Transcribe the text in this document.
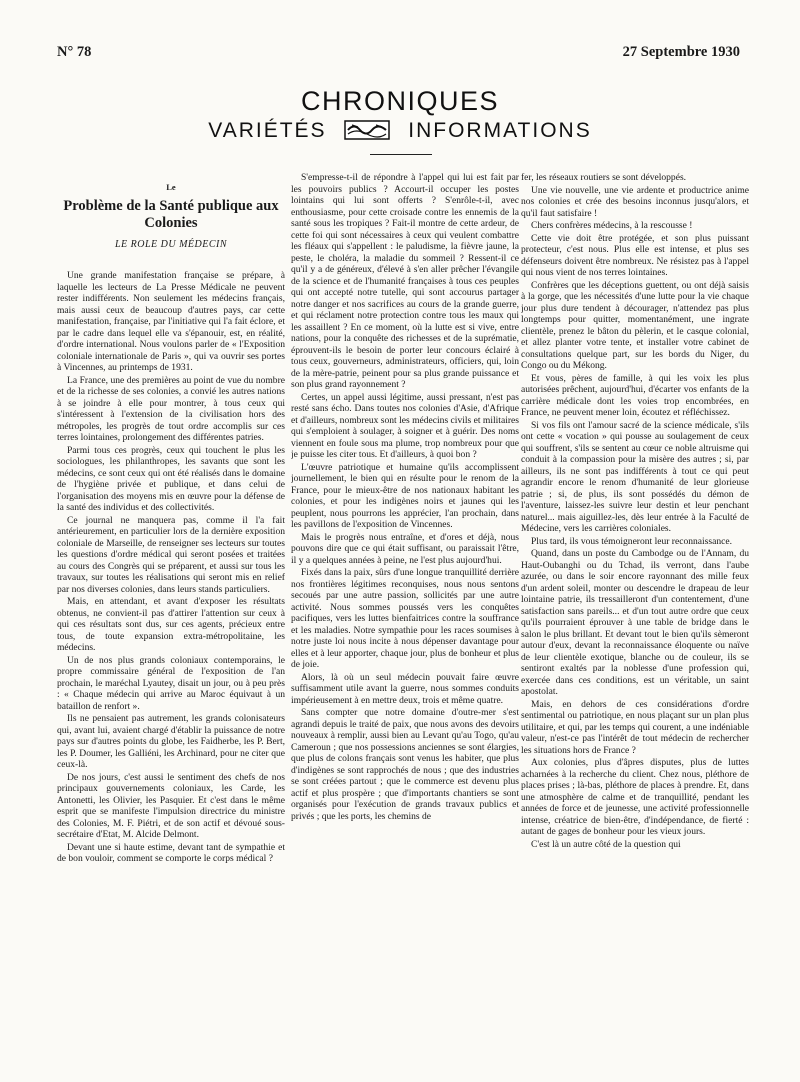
N° 78	27 Septembre 1930
CHRONIQUES
VARIÉTÉS	INFORMATIONS
Le
Problème de la Santé publique aux Colonies
LE ROLE DU MÉDECIN

Une grande manifestation française se prépare, à laquelle les lecteurs de La Presse Médicale ne peuvent rester indifférents. Non seulement les médecins français, mais aussi ceux de beaucoup d'autres pays, car cette manifestation, française, par l'initiative qui l'a fait éclore, et par le cadre dans lequel elle va s'épanouir, est, en réalité, d'ordre international. Nous voulons parler de « l'Exposition coloniale internationale de Paris », qui va ouvrir ses portes à Vincennes, au printemps de 1931.

La France, une des premières au point de vue du nombre et de la richesse de ses colonies, a convié les autres nations à se joindre à elle pour montrer, à tous ceux qui s'intéressent à l'extension de la civilisation hors des métropoles, les progrès de tout ordre accomplis sur ces terres lointaines, prolongement des différentes patries.

Parmi tous ces progrès, ceux qui touchent le plus les sociologues, les philanthropes, les savants que sont les médecins, ce sont ceux qui ont été réalisés dans le domaine de l'hygiène privée et publique, et dans celui de l'organisation des moyens mis en œuvre pour la défense de la santé des individus et des collectivités.

Ce journal ne manquera pas, comme il l'a fait antérieurement, en particulier lors de la dernière exposition coloniale de Marseille, de renseigner ses lecteurs sur toutes les questions d'ordre médical qui seront posées et traitées au cours des Congrès qui se préparent, et aussi sur tous les travaux, sur toutes les réalisations qui seront mis en relief par nos diverses colonies, dans leurs stands particuliers.

Mais, en attendant, et avant d'exposer les résultats obtenus, ne convient-il pas d'attirer l'attention sur ceux à qui ces résultats sont dus, sur ces agents, précieux entre tous, de toute expansion extra-métropolitaine, les médecins.

Un de nos plus grands coloniaux contemporains, le propre commissaire général de l'exposition de l'an prochain, le maréchal Lyautey, disait un jour, ou à peu près : « Chaque médecin qui arrive au Maroc équivaut à un bataillon de renfort ».

Ils ne pensaient pas autrement, les grands colonisateurs qui, avant lui, avaient chargé d'établir la puissance de notre pays sur d'autres points du globe, les Faidherbe, les P. Bert, les P. Doumer, les Galliéni, les Archinard, pour ne citer que ceux-là.

De nos jours, c'est aussi le sentiment des chefs de nos principaux gouvernements coloniaux, les Carde, les Antonetti, les Olivier, les Pasquier. Et c'est dans le même esprit que se manifeste l'impulsion directrice du ministre des Colonies, M. F. Piétri, et de son actif et dévoué sous-secrétaire d'Etat, M. Alcide Delmont.

Devant une si haute estime, devant tant de sympathie et de bon vouloir, comment se comporte le corps médical ?

S'empresse-t-il de répondre à l'appel qui lui est fait par les pouvoirs publics ? Accourt-il occuper les postes lointains qui lui sont offerts ? S'enrôle-t-il, avec enthousiasme, pour cette croisade contre les ennemis de la santé sous les tropiques ? Fait-il montre de cette ardeur, de cette foi qui sont nécessaires à ceux qui veulent combattre les fléaux qui s'appellent : le paludisme, la fièvre jaune, la peste, le choléra, la maladie du sommeil ? Ressent-il ce qu'il y a de généreux, d'élevé à s'en aller prêcher l'évangile de la science et de l'humanité françaises à tous ces peuples qui ont accepté notre tutelle, qui sont accourus partager notre danger et nos sacrifices au cours de la grande guerre, et qui réclament notre protection contre tous les maux qui les assaillent ? En ce moment, où la lutte est si vive, entre nations, pour la conquête des richesses et de la suprématie, éprouvent-ils le besoin de porter leur concours éclairé à tous ceux, gouverneurs, administrateurs, officiers, qui, loin de la mère-patrie, peinent pour sa plus grande puissance et son plus grand rayonnement ?

Certes, un appel aussi légitime, aussi pressant, n'est pas resté sans écho. Dans toutes nos colonies d'Asie, d'Afrique et d'ailleurs, nombreux sont les médecins civils et militaires qui s'emploient à soulager, à soigner et à guérir. Des noms viennent en foule sous ma plume, trop nombreux pour que je puisse les citer tous. Et d'ailleurs, à quoi bon ?

L'œuvre patriotique et humaine qu'ils accomplissent journellement, le bien qui en résulte pour le renom de la France, pour le mieux-être de nos nationaux habitant les colonies, et pour les indigènes noirs et jaunes qui les peuplent, nous pourrons les apprécier, l'an prochain, dans les pavillons de l'exposition de Vincennes.

Mais le progrès nous entraîne, et d'ores et déjà, nous pouvons dire que ce qui était suffisant, ou paraissait l'être, il y a quelques années à peine, ne l'est plus aujourd'hui.

Fixés dans la paix, sûrs d'une longue tranquillité derrière nos frontières légitimes reconquises, nous nous sentons secoués par une autre passion, sollicités par une autre activité. Nous sommes poussés vers les conquêtes pacifiques, vers les luttes bienfaitrices contre la souffrance et les maladies. Notre sympathie pour les races soumises à notre juste loi nous incite à nous dépenser davantage pour elles et à leur apporter, chaque jour, plus de bonheur et plus de joie.

Alors, là où un seul médecin pouvait faire œuvre suffisamment utile avant la guerre, nous sommes conduits impérieusement à en mettre deux, trois et même quatre.

Sans compter que notre domaine d'outre-mer s'est agrandi depuis le traité de paix, que nous avons des devoirs nouveaux à remplir, aussi bien au Levant qu'au Togo, qu'au Cameroun ; que nos possessions anciennes se sont élargies, que plus de colons français sont venus les habiter, que plus d'indigènes se sont rapprochés de nous ; que des industries se sont créées partout ; que le commerce est devenu plus actif et plus prospère ; que d'importants chantiers se sont organisés pour l'exécution de grands travaux publics et privés ; que les ports, les chemins de

fer, les réseaux routiers se sont développés.

Une vie nouvelle, une vie ardente et productrice anime nos colonies et crée des besoins inconnus jusqu'alors, et qu'il faut satisfaire !

Chers confrères médecins, à la rescousse !

Cette vie doit être protégée, et son plus puissant protecteur, c'est nous. Plus elle est intense, et plus ses défenseurs doivent être nombreux. Ne résistez pas à l'appel qui nous vient de nos terres lointaines.

Confrères que les déceptions guettent, ou ont déjà saisis à la gorge, que les nécessités d'une lutte pour la vie chaque jour plus dure tendent à décourager, n'attendez pas plus longtemps pour quitter, momentanément, une ingrate clientèle, prenez le bâton du pèlerin, et le casque colonial, et allez planter votre tente, et installer votre cabinet de consultations quelque part, sur les bords du Niger, du Congo ou du Mékong.

Et vous, pères de famille, à qui les voix les plus autorisées prêchent, aujourd'hui, d'écarter vos enfants de la carrière médicale dont les voies trop encombrées, en France, ne peuvent mener loin, écoutez et réfléchissez.

Si vos fils ont l'amour sacré de la science médicale, s'ils ont cette « vocation » qui pousse au soulagement de ceux qui souffrent, s'ils se sentent au cœur ce noble altruisme qui conduit à la compassion pour la misère des autres ; si, par ailleurs, ils ne sont pas indifférents à tout ce qui peut agrandir encore le renom d'humanité de leur glorieuse patrie ; si, de plus, ils sont possédés du démon de l'aventure, laissez-les suivre leur destin et leur penchant naturel... mais aiguillez-les, dès leur entrée à la Faculté de Médecine, vers les carrières coloniales.

Plus tard, ils vous témoigneront leur reconnaissance.

Quand, dans un poste du Cambodge ou de l'Annam, du Haut-Oubanghi ou du Tchad, ils verront, dans l'aube azurée, ou dans le soir encore rayonnant des mille feux d'un ardent soleil, monter ou descendre le drapeau de leur lointaine patrie, ils tressailleront d'un contentement, d'une satisfaction sans pareils... et d'un tout autre ordre que ceux qu'ils pourraient éprouver à une table de bridge dans le salon le plus brillant. Et devant tout le bien qu'ils sèmeront autour d'eux, devant la reconnaissance éloquente ou naïve de leur clientèle exotique, blanche ou de couleur, ils se sentiront exaltés par la noblesse d'une profession qui, exercée dans ces conditions, est un véritable, un saint apostolat.

Mais, en dehors de ces considérations d'ordre sentimental ou patriotique, en nous plaçant sur un plan plus utilitaire, et qui, par les temps qui courent, a une indéniable valeur, n'est-ce pas l'intérêt de tout médecin de rechercher les situations hors de France ?

Aux colonies, plus d'âpres disputes, plus de luttes acharnées à la recherche du client. Chez nous, pléthore de places prises ; là-bas, pléthore de places à prendre. Et, dans une atmosphère de calme et de tranquillité, pendant les années de force et de jeunesse, une activité professionnelle intense, créatrice de bien-être, d'indépendance, de fierté : autant de gages de bonheur pour les vieux jours.

C'est là un autre côté de la question qui
